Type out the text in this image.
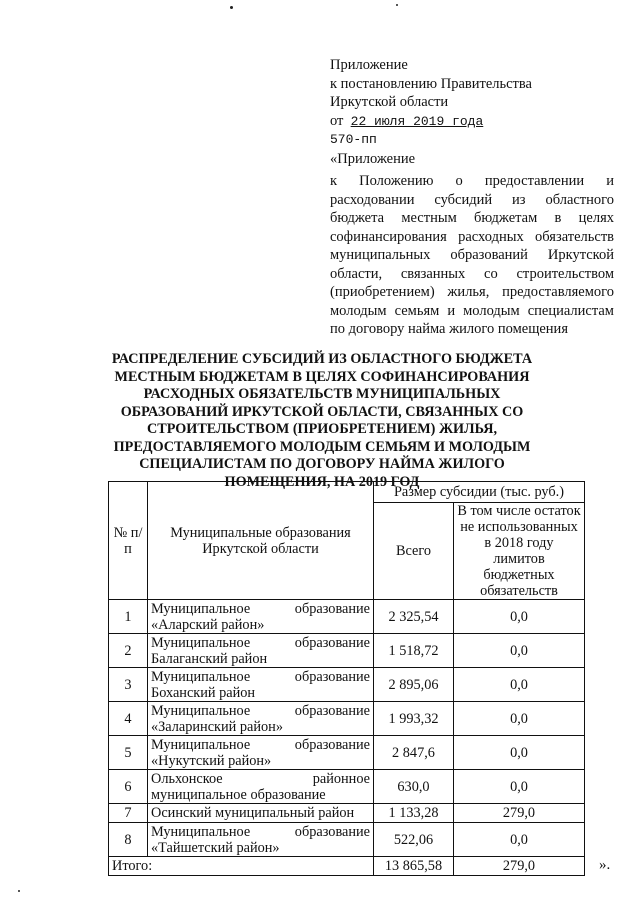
Приложение
к постановлению Правительства
Иркутской области
от 22 июля 2019 года
570-пп
«Приложение
к Положению о предоставлении и расходовании субсидий из областного бюджета местным бюджетам в целях софинансирования расходных обязательств муниципальных образований Иркутской области, связанных со строительством (приобретением) жилья, предоставляемого молодым семьям и молодым специалистам по договору найма жилого помещения
РАСПРЕДЕЛЕНИЕ СУБСИДИЙ ИЗ ОБЛАСТНОГО БЮДЖЕТА МЕСТНЫМ БЮДЖЕТАМ В ЦЕЛЯХ СОФИНАНСИРОВАНИЯ РАСХОДНЫХ ОБЯЗАТЕЛЬСТВ МУНИЦИПАЛЬНЫХ ОБРАЗОВАНИЙ ИРКУТСКОЙ ОБЛАСТИ, СВЯЗАННЫХ СО СТРОИТЕЛЬСТВОМ (ПРИОБРЕТЕНИЕМ) ЖИЛЬЯ, ПРЕДОСТАВЛЯЕМОГО МОЛОДЫМ СЕМЬЯМ И МОЛОДЫМ СПЕЦИАЛИСТАМ ПО ДОГОВОРУ НАЙМА ЖИЛОГО ПОМЕЩЕНИЯ, НА 2019 ГОД
№ п/п	Муниципальные образования Иркутской области	Размер субсидии (тыс. руб.)	
		Всего	В том числе остаток не использованных в 2018 году лимитов бюджетных обязательств
1	Муниципальное образование «Аларский район»	2 325,54	0,0
2	Муниципальное образование Балаганский район	1 518,72	0,0
3	Муниципальное образование Боханский район	2 895,06	0,0
4	Муниципальное образование «Заларинский район»	1 993,32	0,0
5	Муниципальное образование «Нукутский район»	2 847,6	0,0
6	Ольхонское районное муниципальное образование	630,0	0,0
7	Осинский муниципальный район	1 133,28	279,0
8	Муниципальное образование «Тайшетский район»	522,06	0,0
Итого:		13 865,58	279,0	».
